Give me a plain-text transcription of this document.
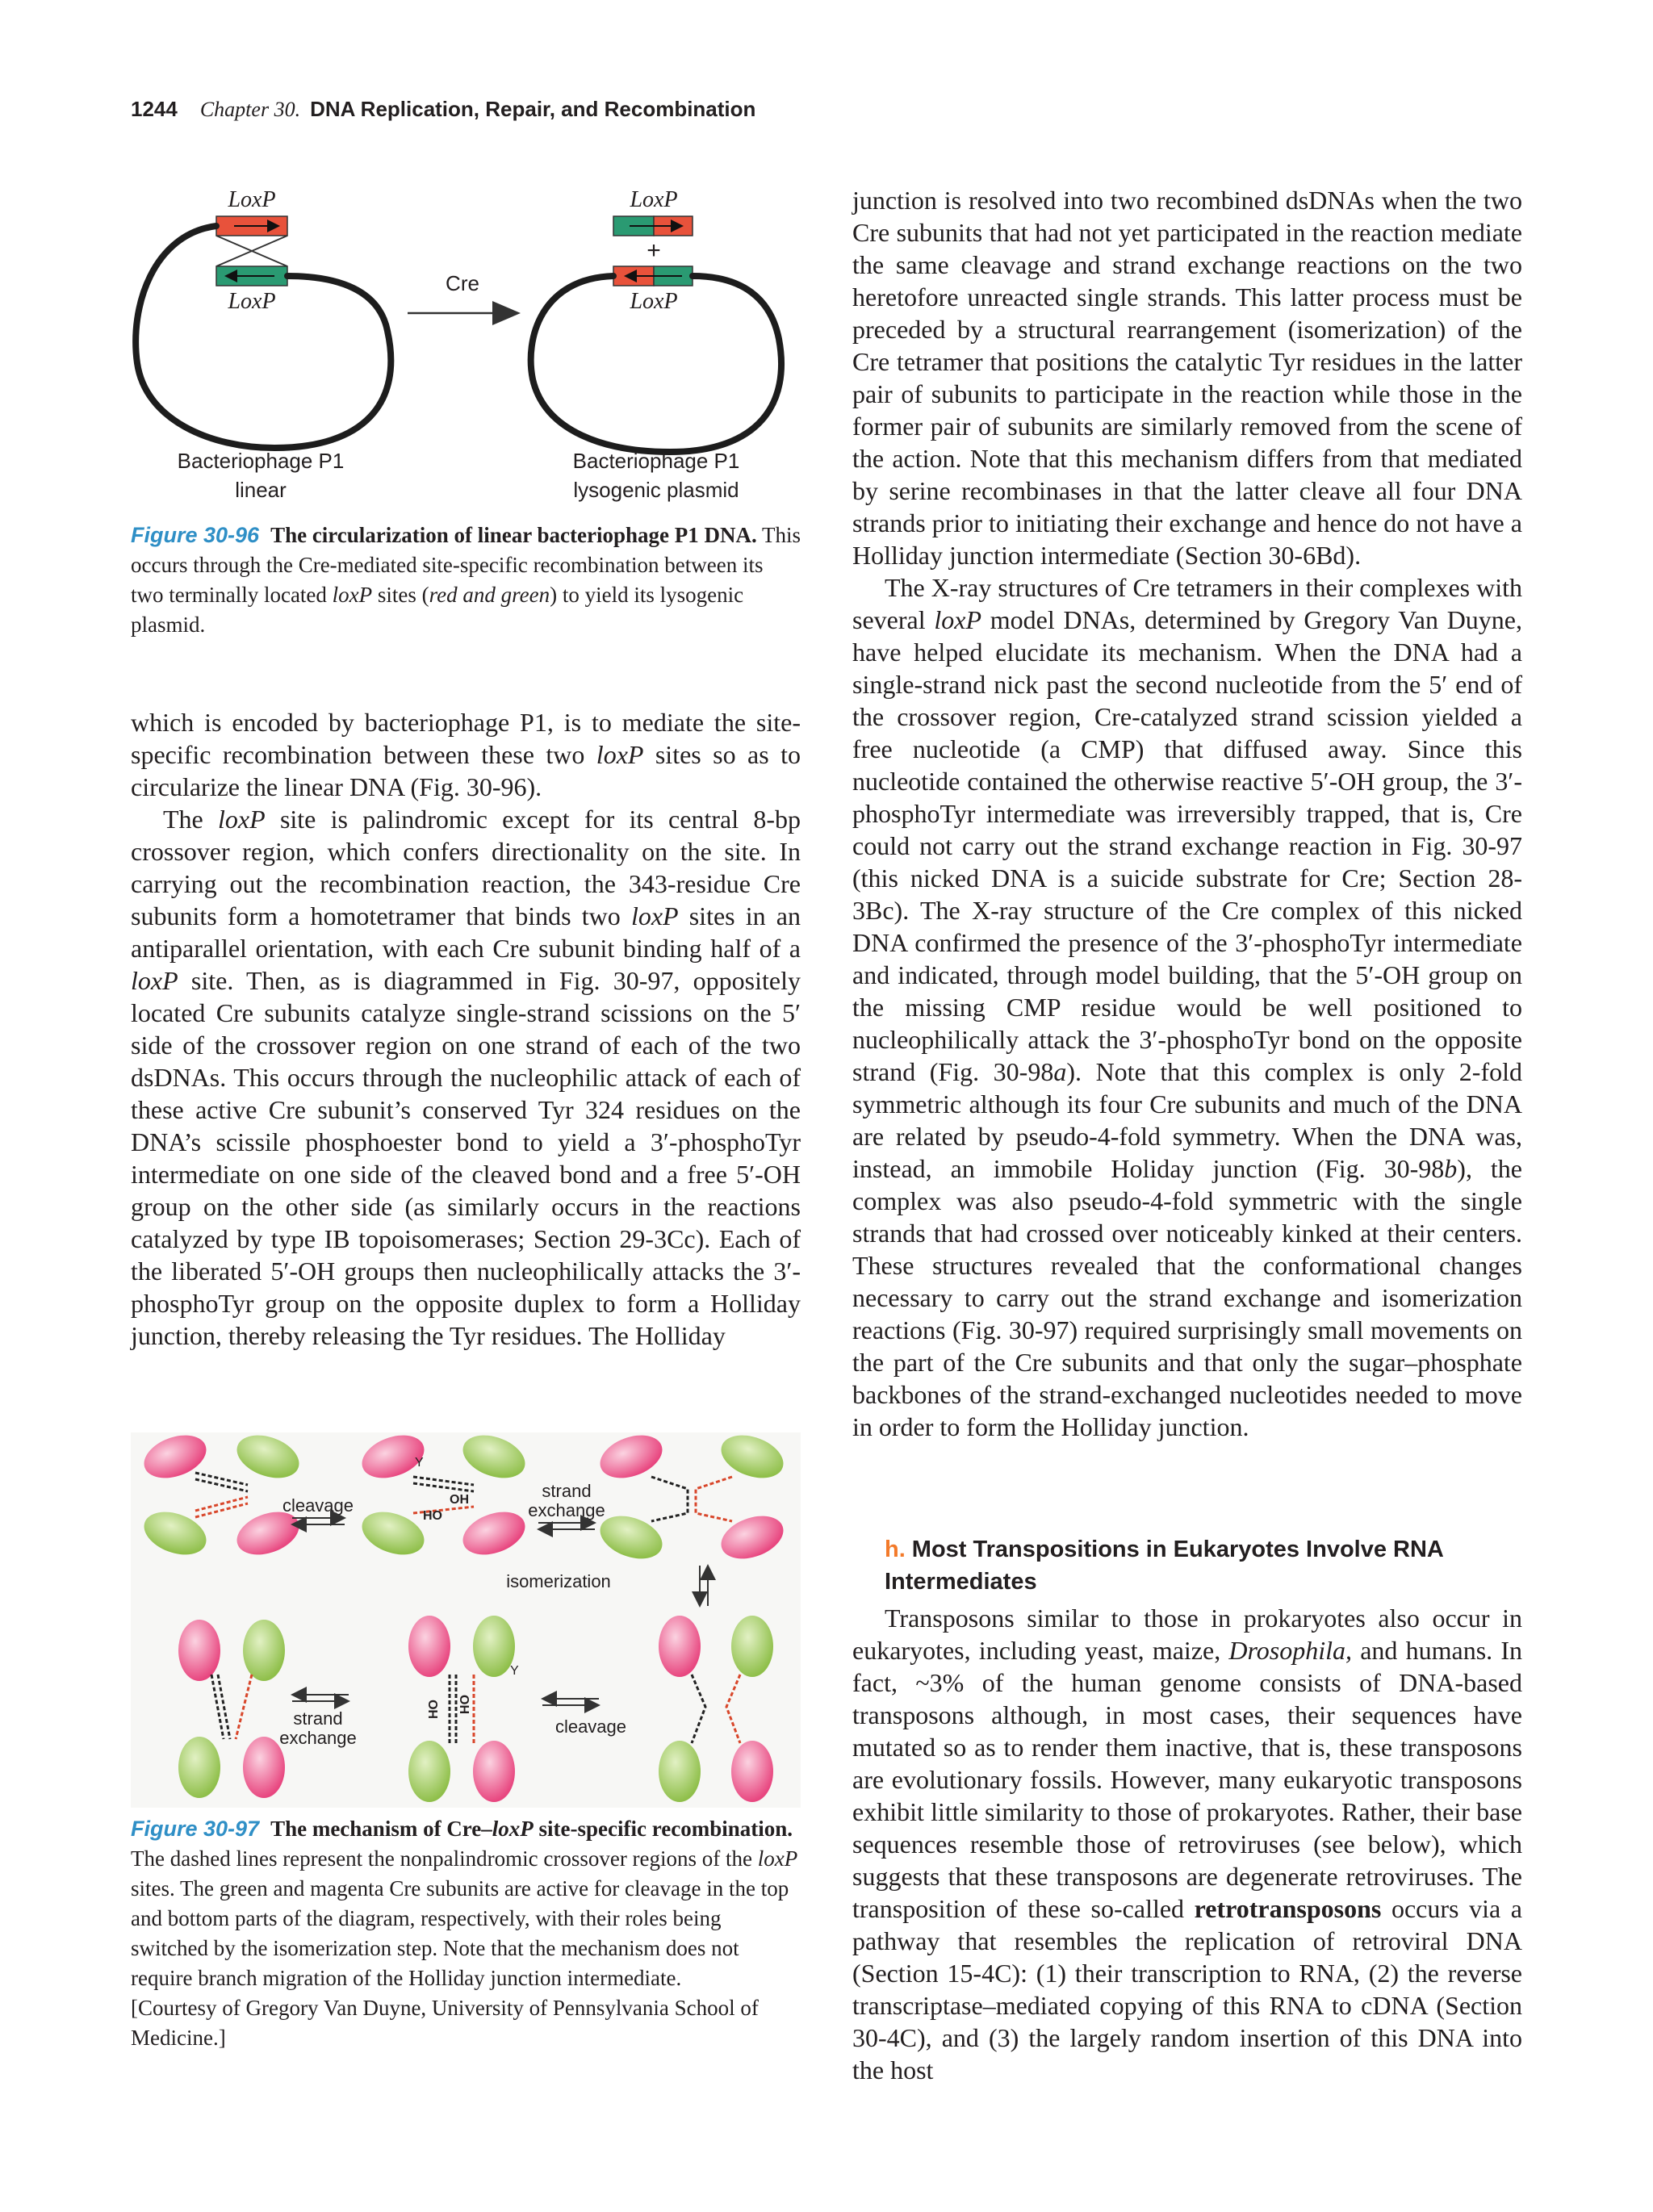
1244 Chapter 30. DNA Replication, Repair, and Recombination
LoxP
LoxP
Bacteriophage P1
linear
Cre
LoxP
+
LoxP
Bacteriophage P1
lysogenic plasmid
Figure 30-96 The circularization of linear bacteriophage P1 DNA. This occurs through the Cre-mediated site-specific recombination between its two terminally located loxP sites (red and green) to yield its lysogenic plasmid.

which is encoded by bacteriophage P1, is to mediate the site-specific recombination between these two loxP sites so as to circularize the linear DNA (Fig. 30-96).

The loxP site is palindromic except for its central 8-bp crossover region, which confers directionality on the site. In carrying out the recombination reaction, the 343-residue Cre subunits form a homotetramer that binds two loxP sites in an antiparallel orientation, with each Cre subunit binding half of a loxP site. Then, as is diagrammed in Fig. 30-97, oppositely located Cre subunits catalyze single-strand scissions on the 5′ side of the crossover region on one strand of each of the two dsDNAs. This occurs through the nucleophilic attack of each of these active Cre subunit’s conserved Tyr 324 residues on the DNA’s scissile phosphoester bond to yield a 3′-phosphoTyr intermediate on one side of the cleaved bond and a free 5′-OH group on the other side (as similarly occurs in the reactions catalyzed by type IB topoisomerases; Section 29-3Cc). Each of the liberated 5′-OH groups then nucleophilically attacks the 3′-phosphoTyr group on the opposite duplex to form a Holliday junction, thereby releasing the Tyr residues. The Holliday

cleavage	OH
HO
Y
strand
exchange
isomerization
strand
exchange
OH
HO
Y
cleavage
Figure 30-97 The mechanism of Cre–loxP site-specific recombination. The dashed lines represent the nonpalindromic crossover regions of the loxP sites. The green and magenta Cre subunits are active for cleavage in the top and bottom parts of the diagram, respectively, with their roles being switched by the isomerization step. Note that the mechanism does not require branch migration of the Holliday junction intermediate.
[Courtesy of Gregory Van Duyne, University of Pennsylvania School of Medicine.]

junction is resolved into two recombined dsDNAs when the two Cre subunits that had not yet participated in the reaction mediate the same cleavage and strand exchange reactions on the two heretofore unreacted single strands. This latter process must be preceded by a structural rearrangement (isomerization) of the Cre tetramer that positions the catalytic Tyr residues in the latter pair of subunits to participate in the reaction while those in the former pair of subunits are similarly removed from the scene of the action. Note that this mechanism differs from that mediated by serine recombinases in that the latter cleave all four DNA strands prior to initiating their exchange and hence do not have a Holliday junction intermediate (Section 30-6Bd).

The X-ray structures of Cre tetramers in their complexes with several loxP model DNAs, determined by Gregory Van Duyne, have helped elucidate its mechanism. When the DNA had a single-strand nick past the second nucleotide from the 5′ end of the crossover region, Cre-catalyzed strand scission yielded a free nucleotide (a CMP) that diffused away. Since this nucleotide contained the otherwise reactive 5′-OH group, the 3′-phosphoTyr intermediate was irreversibly trapped, that is, Cre could not carry out the strand exchange reaction in Fig. 30-97 (this nicked DNA is a suicide substrate for Cre; Section 28-3Bc). The X-ray structure of the Cre complex of this nicked DNA confirmed the presence of the 3′-phosphoTyr intermediate and indicated, through model building, that the 5′-OH group on the missing CMP residue would be well positioned to nucleophilically attack the 3′-phosphoTyr bond on the opposite strand (Fig. 30-98a). Note that this complex is only 2-fold symmetric although its four Cre subunits and much of the DNA are related by pseudo-4-fold symmetry. When the DNA was, instead, an immobile Holiday junction (Fig. 30-98b), the complex was also pseudo-4-fold symmetric with the single strands that had crossed over noticeably kinked at their centers. These structures revealed that the conformational changes necessary to carry out the strand exchange and isomerization reactions (Fig. 30-97) required surprisingly small movements on the part of the Cre subunits and that only the sugar–phosphate backbones of the strand-exchanged nucleotides needed to move in order to form the Holliday junction.

h. Most Transpositions in Eukaryotes Involve RNA Intermediates

Transposons similar to those in prokaryotes also occur in eukaryotes, including yeast, maize, Drosophila, and humans. In fact, ~3% of the human genome consists of DNA-based transposons although, in most cases, their sequences have mutated so as to render them inactive, that is, these transposons are evolutionary fossils. However, many eukaryotic transposons exhibit little similarity to those of prokaryotes. Rather, their base sequences resemble those of retroviruses (see below), which suggests that these transposons are degenerate retroviruses. The transposition of these so-called retrotransposons occurs via a pathway that resembles the replication of retroviral DNA (Section 15-4C): (1) their transcription to RNA, (2) the reverse transcriptase–mediated copying of this RNA to cDNA (Section 30-4C), and (3) the largely random insertion of this DNA into the host
